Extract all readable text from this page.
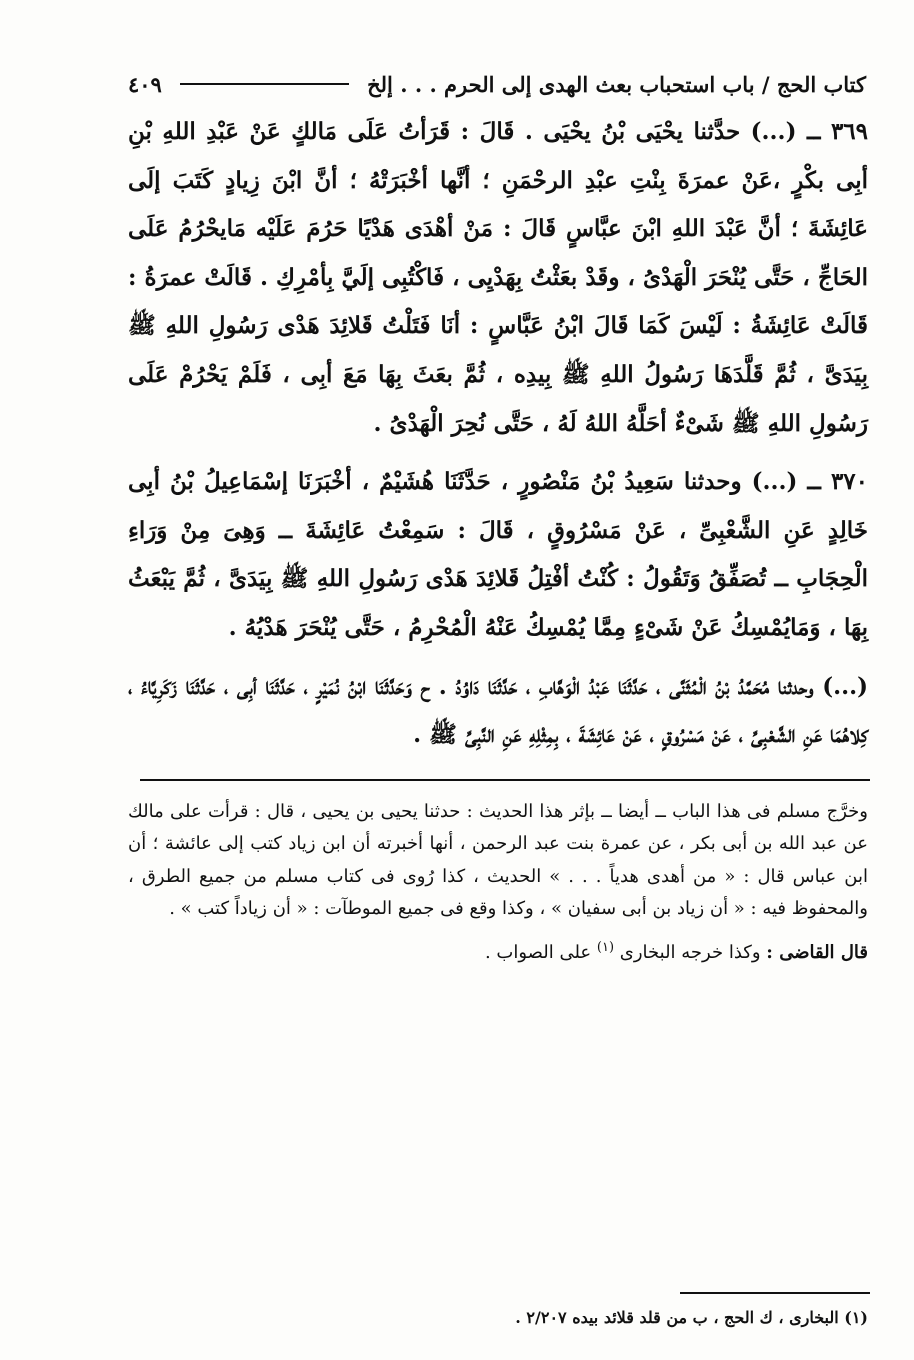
كتاب الحج / باب استحباب بعث الهدى إلى الحرم . . . إلخ
٤٠٩

٣٦٩ ــ (...) حدَّثنا يحْيَى بْنُ يحْيَى . قَالَ : قَرَأتُ عَلَى مَالكٍ عَنْ عَبْدِ اللهِ بْنِ أبِى بكْرٍ ،عَنْ عمرَةَ بِنْتِ عبْدِ الرحْمَنِ ؛ أنَّها أخْبَرَتْهُ ؛ أنَّ ابْنَ زِيادٍ كَتَبَ إلَى عَائِشَةَ ؛ أنَّ عَبْدَ اللهِ ابْنَ عبَّاسٍ قَالَ : مَنْ أهْدَى هَدْيًا حَرُمَ عَلَيْه مَايحْرُمُ عَلَى الحَاجِّ ، حَتَّى يُنْحَرَ الْهَدْىُ ، وقَدْ بعَثْتُ بِهَدْيِى ، فَاكْتُبِى إلَيَّ بِأمْرِكِ . قَالَتْ عمرَةُ : قَالَتْ عَائِشَةُ : لَيْسَ كَمَا قَالَ ابْنُ عَبَّاسٍ : أنَا فَتَلْتُ قَلائِدَ هَدْى رَسُولِ اللهِ ﷺ بِيَدَىَّ ، ثُمَّ قَلَّدَهَا رَسُولُ اللهِ ﷺ بِيدِه ، ثُمَّ بعَثَ بِهَا مَعَ أبِى ، فَلَمْ يَحْرُمْ عَلَى رَسُولِ اللهِ ﷺ شَىْءٌ أحَلَّهُ اللهُ لَهُ ، حَتَّى نُحِرَ الْهَدْىُ .

٣٧٠ ــ (...) وحدثنا سَعِيدُ بْنُ مَنْصُورٍ ، حَدَّثَنَا هُشَيْمٌ ، أخْبَرَنَا إسْمَاعِيلُ بْنُ أبِى خَالِدٍ عَنِ الشَّعْبِىِّ ، عَنْ مَسْرُوقٍ ، قَالَ : سَمِعْتُ عَائِشَةَ ــ وَهِىَ مِنْ وَرَاءِ الْحِجَابِ ــ تُصَفِّقُ وَتَقُولُ : كُنْتُ أفْتِلُ قَلائِدَ هَدْى رَسُولِ اللهِ ﷺ بِيَدَىَّ ، ثُمَّ يَبْعَثُ بِهَا ، وَمَايُمْسِكُ عَنْ شَىْءٍ مِمَّا يُمْسِكُ عَنْهُ الْمُحْرِمُ ، حَتَّى يُنْحَرَ هَدْيُهُ .

(...) وحدثنا مُحَمَّدُ بْنُ الْمُثَنَّى ، حَدَّثَنَا عَبْدُ الْوَهَّابِ ، حَدَّثَنَا دَاوُدُ . ح وَحَدَّثَنَا ابْنُ نُمَيْرٍ ، حَدَّثَنَا أبِى ، حَدَّثَنَا زَكَرِيَّاءُ ، كِلاهُمَا عَنِ الشَّعْبِىِّ ، عَنْ مَسْرُوقٍ ، عَنْ عَائِشَةَ ، بِمِثْلِهِ عَنِ النَّبِىِّ ﷺ .

وخرَّج مسلم فى هذا الباب ــ أيضا ــ بإثر هذا الحديث : حدثنا يحيى بن يحيى ، قال : قرأت على مالك عن عبد الله بن أبى بكر ، عن عمرة بنت عبد الرحمن ، أنها أخبرته أن ابن زياد كتب إلى عائشة ؛ أن ابن عباس قال : « من أهدى هدياً . . . » الحديث ، كذا رُوى فى كتاب مسلم من جميع الطرق ، والمحفوظ فيه : « أن زياد بن أبى سفيان » ، وكذا وقع فى جميع الموطآت : « أن زياداً كتب » .

قال القاضى : وكذا خرجه البخارى $^{(١)}$ على الصواب .

(١) البخارى ، ك الحج ، ب من قلد قلائد بيده ٢/٢٠٧ .
